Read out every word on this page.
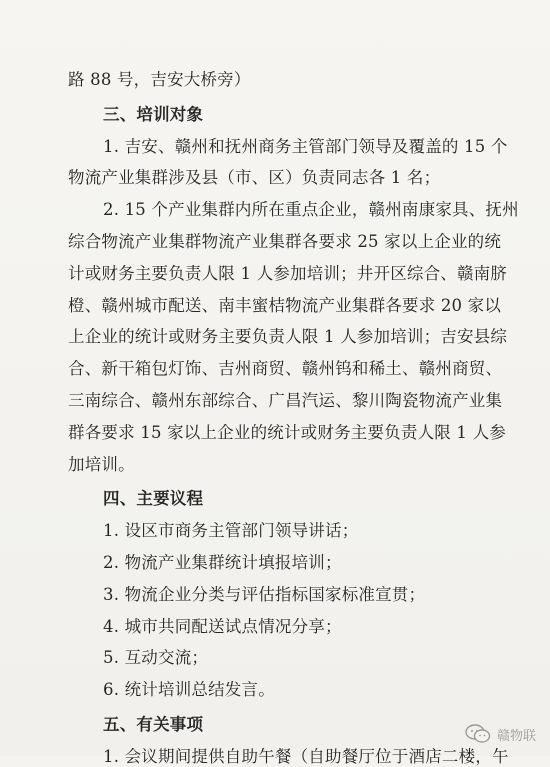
路 88 号，吉安大桥旁）
三、培训对象
1. 吉安、赣州和抚州商务主管部门领导及覆盖的 15 个
物流产业集群涉及县（市、区）负责同志各 1 名；
2. 15 个产业集群内所在重点企业，赣州南康家具、抚州
综合物流产业集群物流产业集群各要求 25 家以上企业的统
计或财务主要负责人限 1 人参加培训；井开区综合、赣南脐
橙、赣州城市配送、南丰蜜桔物流产业集群各要求 20 家以
上企业的统计或财务主要负责人限 1 人参加培训；吉安县综
合、新干箱包灯饰、吉州商贸、赣州钨和稀土、赣州商贸、
三南综合、赣州东部综合、广昌汽运、黎川陶瓷物流产业集
群各要求 15 家以上企业的统计或财务主要负责人限 1 人参
加培训。
四、主要议程
1. 设区市商务主管部门领导讲话；
2. 物流产业集群统计填报培训；
3. 物流企业分类与评估指标国家标准宣贯；
4. 城市共同配送试点情况分享；
5. 互动交流；
6. 统计培训总结发言。
五、有关事项
1. 会议期间提供自助午餐（自助餐厅位于酒店二楼，午
赣物联
